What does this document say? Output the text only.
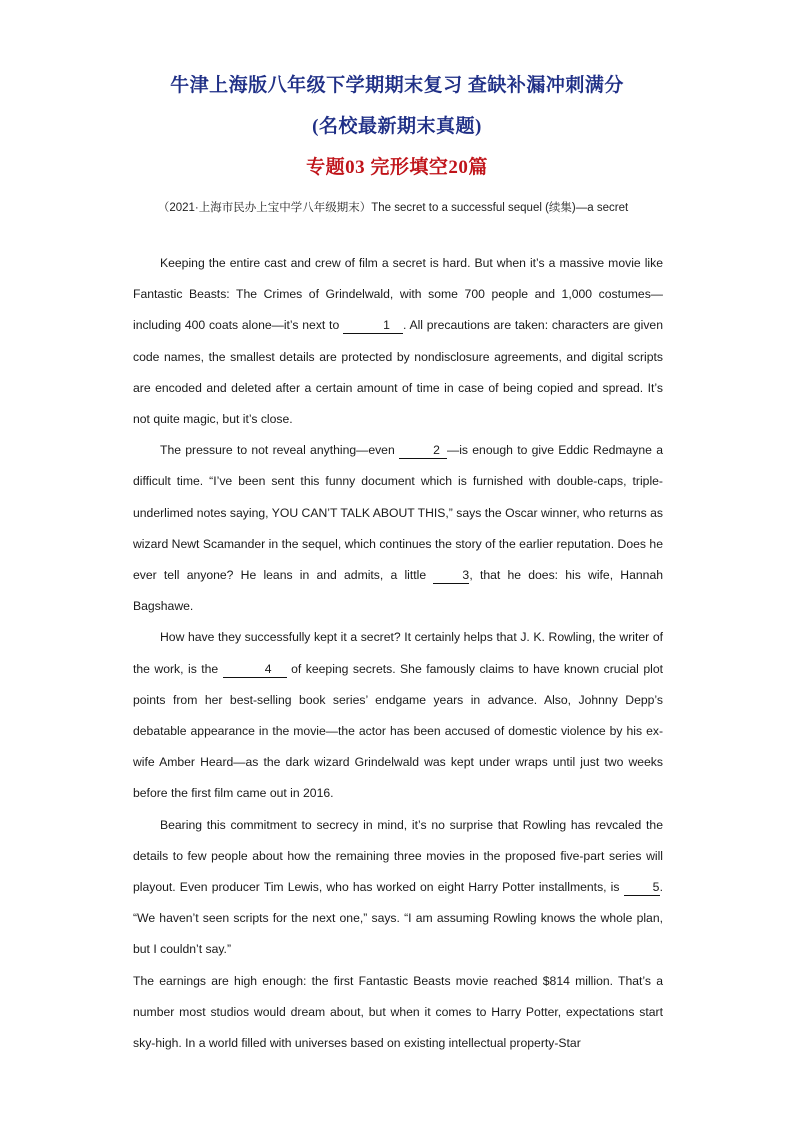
牛津上海版八年级下学期期末复习 查缺补漏冲刺满分
(名校最新期末真题)
专题03 完形填空20篇
（2021·上海市民办上宝中学八年级期末）The secret to a successful sequel (续集)—a secret

Keeping the entire cast and crew of film a secret is hard. But when it’s a massive movie like Fantastic Beasts: The Crimes of Grindelwald, with some 700 people and 1,000 costumes—including 400 coats alone—it’s next to	1 . All precautions are taken: characters are given code names, the smallest details are protected by nondisclosure agreements, and digital scripts are encoded and deleted after a certain amount of time in case of being copied and spread. It’s not quite magic, but it’s close.

The pressure to not reveal anything—even	2 —is enough to give Eddic Redmayne a difficult time. “I’ve been sent this funny document which is furnished with double-caps, triple-underlimed notes saying, YOU CAN’T TALK ABOUT THIS,” says the Oscar winner, who returns as wizard Newt Scamander in the sequel, which continues the story of the earlier reputation. Does he ever tell anyone? He leans in and admits, a little 3, that he does: his wife, Hannah Bagshawe.

How have they successfully kept it a secret? It certainly helps that J. K. Rowling, the writer of the work, is the	4 of keeping secrets. She famously claims to have known crucial plot points from her best-selling book series’ endgame years in advance. Also, Johnny Depp’s debatable appearance in the movie—the actor has been accused of domestic violence by his ex-wife Amber Heard—as the dark wizard Grindelwald was kept under wraps until just two weeks before the first film came out in 2016.

Bearing this commitment to secrecy in mind, it’s no surprise that Rowling has revcaled the details to few people about how the remaining three movies in the proposed five-part series will playout. Even producer Tim Lewis, who has worked on eight Harry Potter installments, is 5. “We haven’t seen scripts for the next one,” says. “I am assuming Rowling knows the whole plan, but I couldn’t say.”

The earnings are high enough: the first Fantastic Beasts movie reached $814 million. That’s a number most studios would dream about, but when it comes to Harry Potter, expectations start sky-high. In a world filled with universes based on existing intellectual property-Star
